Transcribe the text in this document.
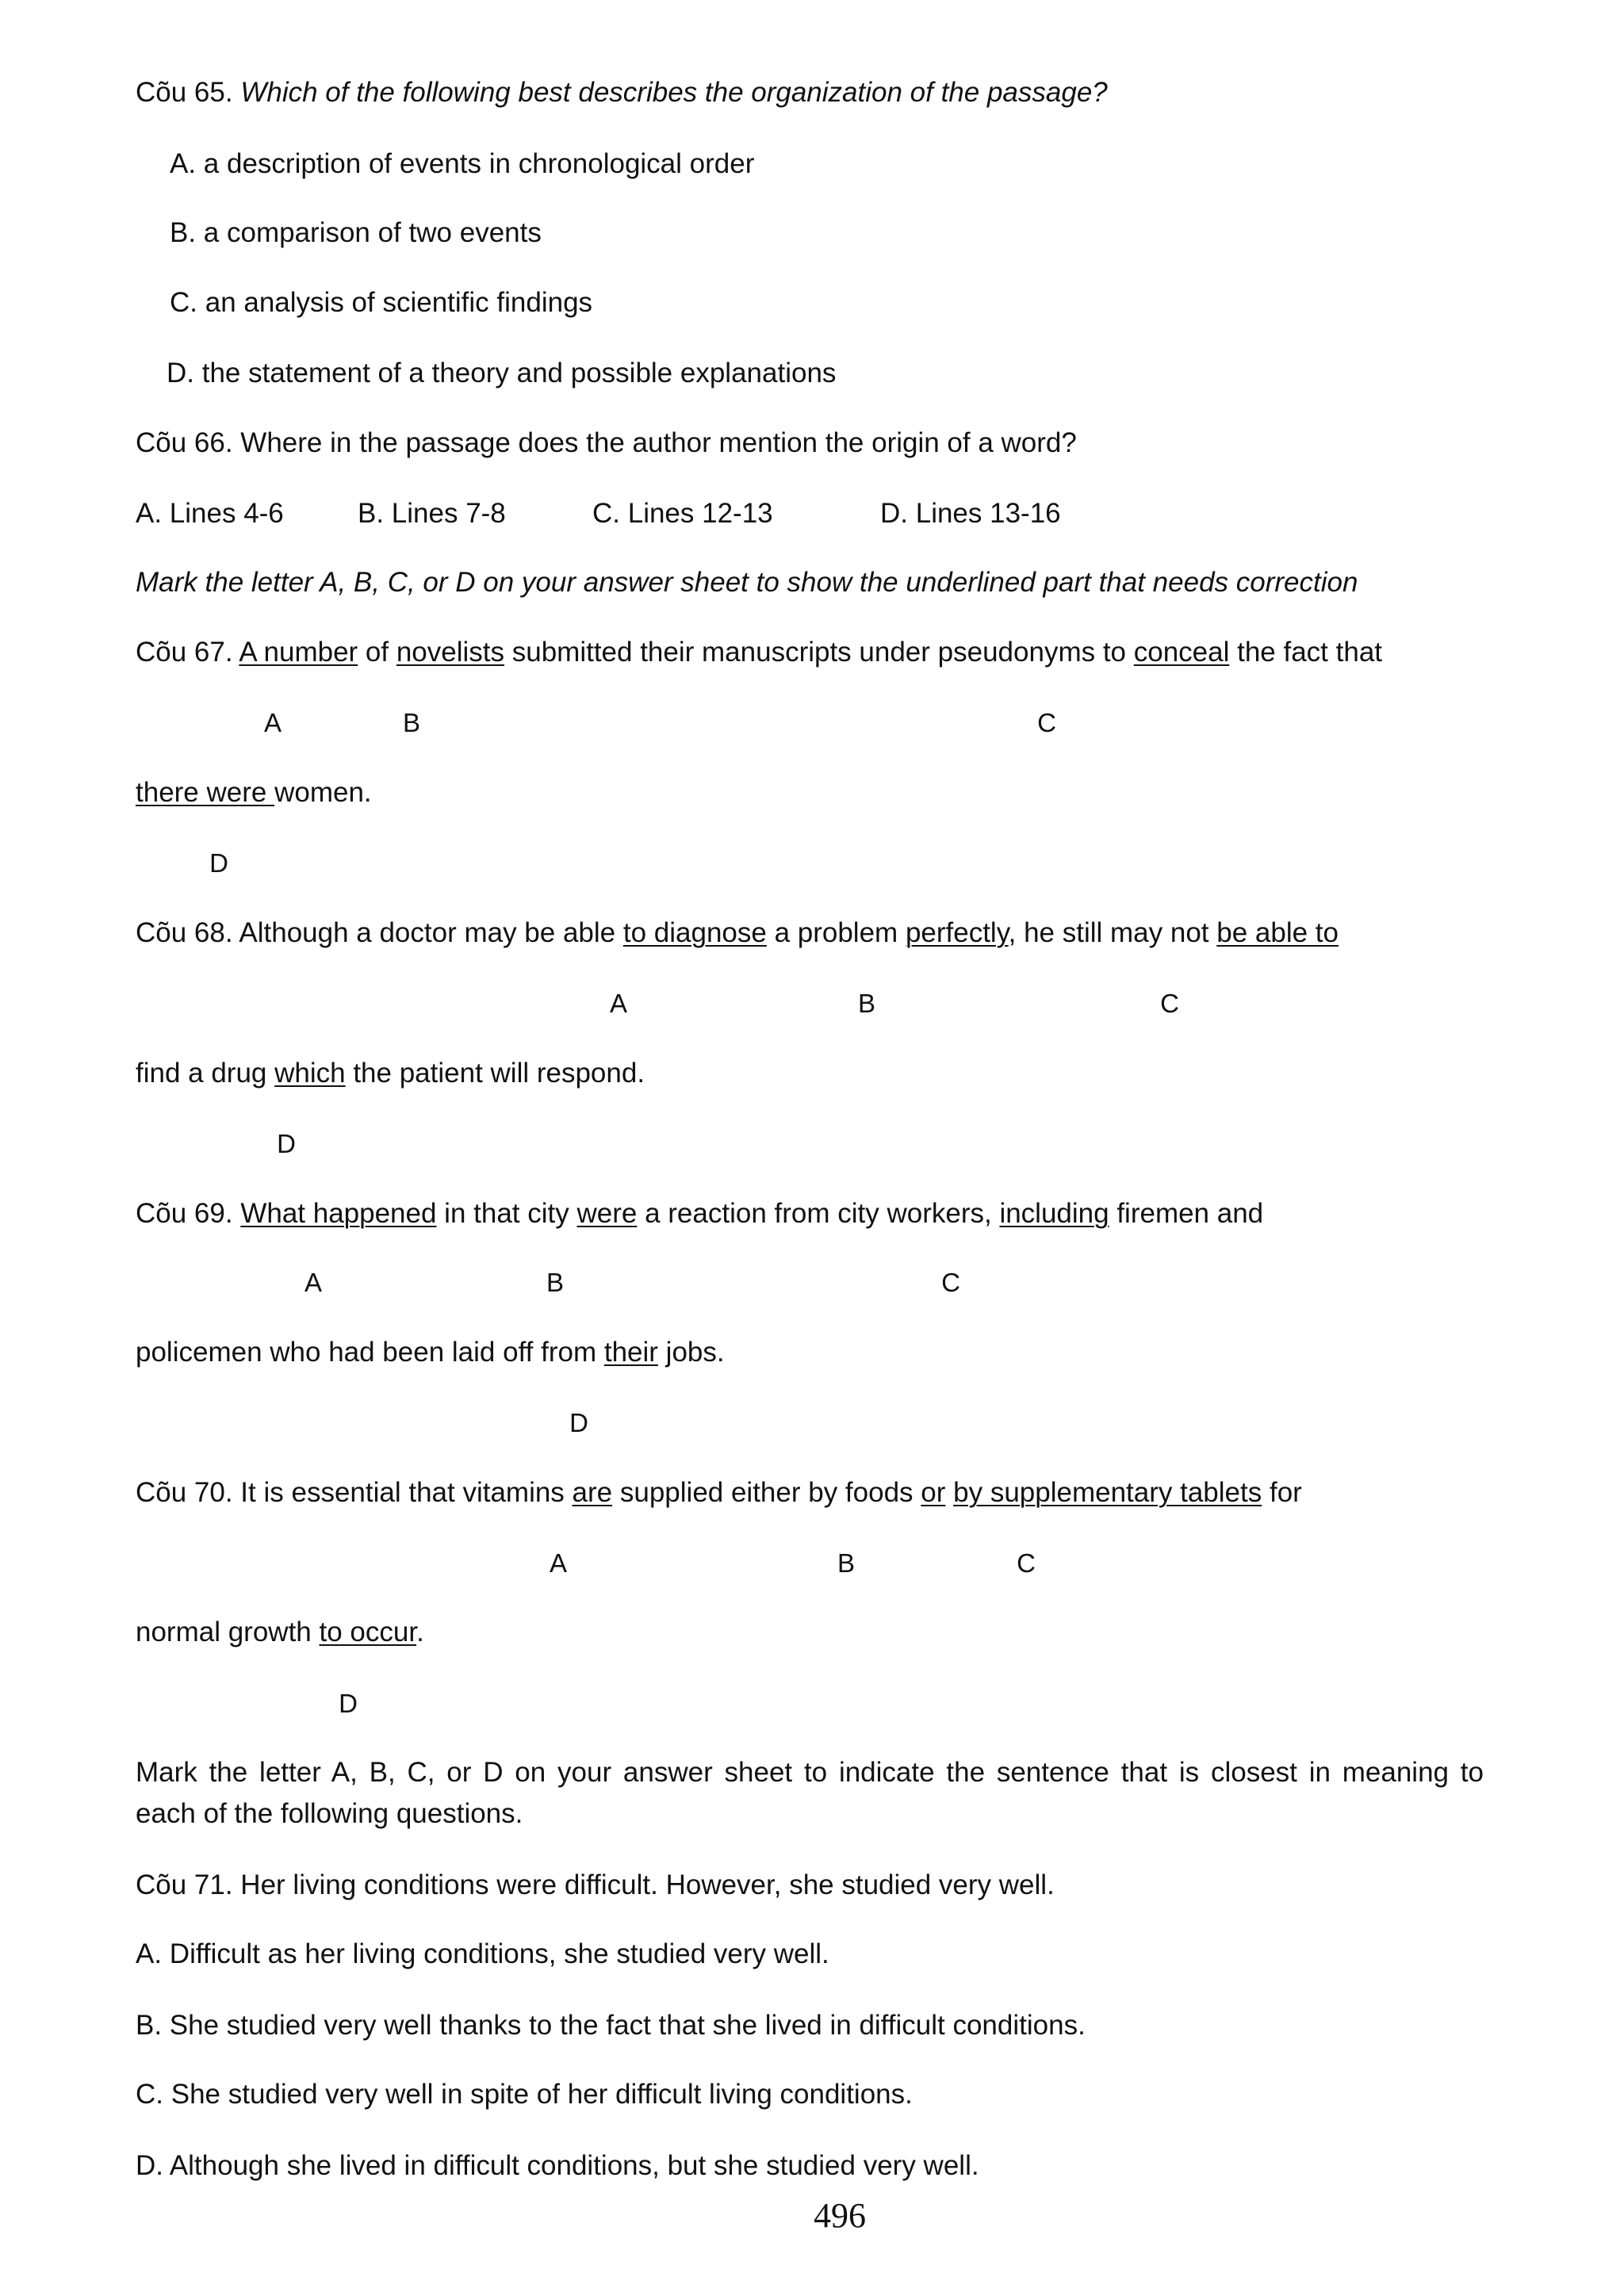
Cõu 65. Which of the following best describes the organization of the passage?
A. a description of events in chronological order
B. a comparison of two events
C. an analysis of scientific findings
D. the statement of a theory and possible explanations
Cõu 66. Where in the passage does the author mention the origin of a word?
A. Lines 4-6	B. Lines 7-8	C. Lines 12-13	D. Lines 13-16
Mark the letter A, B, C, or D on your answer sheet to show the underlined part that needs correction
Cõu 67. A number of novelists submitted their manuscripts under pseudonyms to conceal the fact that
A	B	C
there were women.
D
Cõu 68. Although a doctor may be able to diagnose a problem perfectly, he still may not be able to
A	B	C
find a drug which the patient will respond.
D
Cõu 69. What happened in that city were a reaction from city workers, including firemen and
A	B	C
policemen who had been laid off from their jobs.
D
Cõu 70. It is essential that vitamins are supplied either by foods or by supplementary tablets for
A	B	C
normal growth to occur.
D
Mark the letter A, B, C, or D on your answer sheet to indicate the sentence that is closest in meaning to
each of the following questions.
Cõu 71. Her living conditions were difficult. However, she studied very well.
A. Difficult as her living conditions, she studied very well.
B. She studied very well thanks to the fact that she lived in difficult conditions.
C. She studied very well in spite of her difficult living conditions.
D. Although she lived in difficult conditions, but she studied very well.
496
